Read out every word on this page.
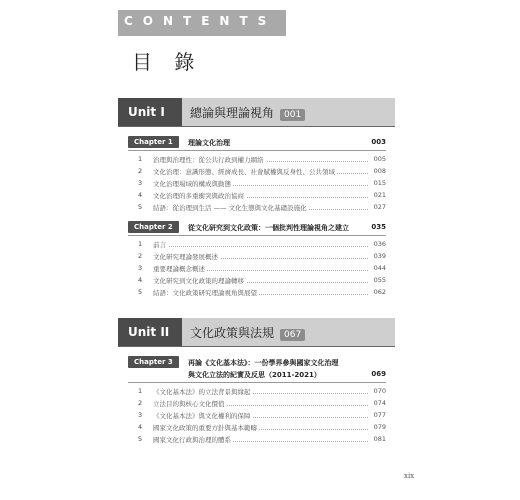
CONTENTS
目 錄
Unit I	總論與理論視角 001
Chapter 1 理論文化治理	003
1 治理與治理性：從公共行政到權力網絡	005
2 文化治理：意識形態、經濟成長、社會賦權與反身性、公共領域	008
3 文化治理場域的構成與動態	015
4 文化治理的多重衝突與政治協商	021
5 結語：從治理到生活 —— 文化生態與文化基礎設施化	027
Chapter 2 從文化研究到文化政策：一個批判性理論視角之建立	035
1 前言	036
2 文化研究理論發展概述	039
3 重要理論概念概述	044
4 文化研究到文化政策的理論轉移	055
5 結語：文化政策研究理論視角與展望	062
Unit II	文化政策與法規 067
Chapter 3 再論《文化基本法》：一份學界參與國家文化治理
與文化立法的紀實及反思（2011-2021）	069
1 《文化基本法》的立法背景與緣起	070
2 立法目的與核心文化價值	074
3 《文化基本法》與文化權利的保障	077
4 國家文化政策的重要方針與基本範疇	079
5 國家文化行政與治理的體系	081
xix
